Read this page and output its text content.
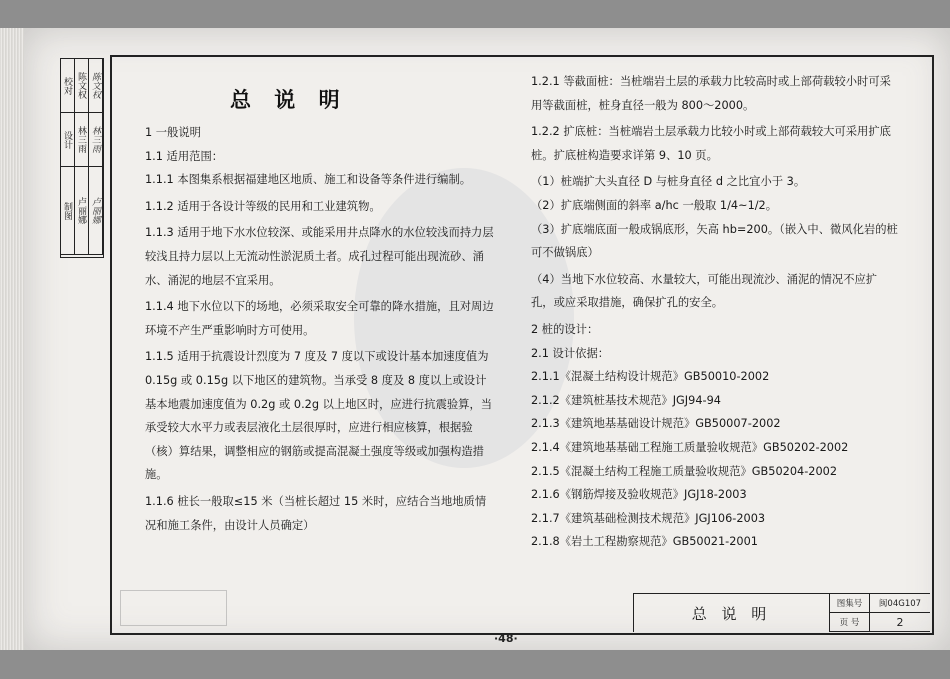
校对 陈文权 陈文权
设计 林三雨 林三雨
制图 卢丽娜 卢丽娜
总 说 明

1 一般说明

1.1 适用范围：

1.1.1 本图集系根据福建地区地质、施工和设备等条件进行编制。

1.1.2 适用于各设计等级的民用和工业建筑物。

1.1.3 适用于地下水水位较深、或能采用井点降水的水位较浅而持力层较浅且持力层以上无流动性淤泥质土者。成孔过程可能出现流砂、涌水、涌泥的地层不宜采用。

1.1.4 地下水位以下的场地，必须采取安全可靠的降水措施，且对周边环境不产生严重影响时方可使用。

1.1.5 适用于抗震设计烈度为 7 度及 7 度以下或设计基本加速度值为 0.15g 或 0.15g 以下地区的建筑物。当承受 8 度及 8 度以上或设计基本地震加速度值为 0.2g 或 0.2g 以上地区时，应进行抗震验算，当承受较大水平力或表层液化土层很厚时，应进行相应核算，根据验（核）算结果，调整相应的钢筋或提高混凝土强度等级或加强构造措施。

1.1.6 桩长一般取≤15 米（当桩长超过 15 米时，应结合当地地质情况和施工条件，由设计人员确定）

1.2.1 等截面桩：当桩端岩土层的承载力比较高时或上部荷载较小时可采用等截面桩，桩身直径一般为 800～2000。

1.2.2 扩底桩：当桩端岩土层承载力比较小时或上部荷载较大可采用扩底桩。扩底桩构造要求详第 9、10 页。

（1）桩端扩大头直径 D 与桩身直径 d 之比宜小于 3。

（2）扩底端侧面的斜率 a/hc 一般取 1/4~1/2。

（3）扩底端底面一般成锅底形，矢高 hb=200。（嵌入中、微风化岩的桩可不做锅底）

（4）当地下水位较高、水量较大，可能出现流沙、涌泥的情况不应扩孔，或应采取措施，确保扩孔的安全。

2 桩的设计：

2.1 设计依据：

2.1.1《混凝土结构设计规范》GB50010-2002

2.1.2《建筑桩基技术规范》JGJ94-94

2.1.3《建筑地基基础设计规范》GB50007-2002

2.1.4《建筑地基基础工程施工质量验收规范》GB50202-2002

2.1.5《混凝土结构工程施工质量验收规范》GB50204-2002

2.1.6《钢筋焊接及验收规范》JGJ18-2003

2.1.7《建筑基础检测技术规范》JGJ106-2003

2.1.8《岩土工程勘察规范》GB50021-2001

总 说 明
图集号	闽04G107
页 号	2
·48·
